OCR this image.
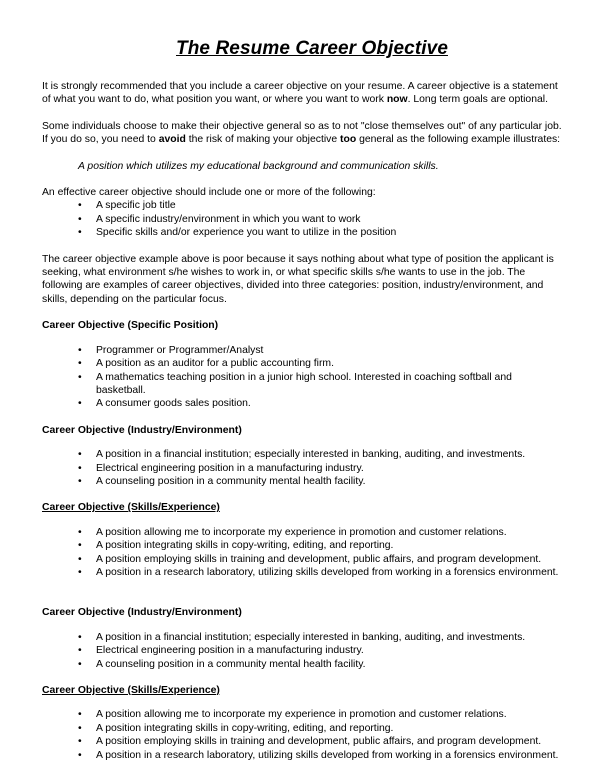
The Resume Career Objective

It is strongly recommended that you include a career objective on your resume. A career objective is a statement of what you want to do, what position you want, or where you want to work now. Long term goals are optional.

Some individuals choose to make their objective general so as to not "close themselves out" of any particular job. If you do so, you need to avoid the risk of making your objective too general as the following example illustrates:

A position which utilizes my educational background and communication skills.

An effective career objective should include one or more of the following:

• A specific job title
• A specific industry/environment in which you want to work
• Specific skills and/or experience you want to utilize in the position

The career objective example above is poor because it says nothing about what type of position the applicant is seeking, what environment s/he wishes to work in, or what specific skills s/he wants to use in the job. The following are examples of career objectives, divided into three categories: position, industry/environment, and skills, depending on the particular focus.

Career Objective (Specific Position)

• Programmer or Programmer/Analyst
• A position as an auditor for a public accounting firm.
• A mathematics teaching position in a junior high school. Interested in coaching softball and basketball.
• A consumer goods sales position.

Career Objective (Industry/Environment)

• A position in a financial institution; especially interested in banking, auditing, and investments.
• Electrical engineering position in a manufacturing industry.
• A counseling position in a community mental health facility.

Career Objective (Skills/Experience)

• A position allowing me to incorporate my experience in promotion and customer relations.
• A position integrating skills in copy-writing, editing, and reporting.
• A position employing skills in training and development, public affairs, and program development.
• A position in a research laboratory, utilizing skills developed from working in a forensics environment.

Career Objective (Industry/Environment)

• A position in a financial institution; especially interested in banking, auditing, and investments.
• Electrical engineering position in a manufacturing industry.
• A counseling position in a community mental health facility.

Career Objective (Skills/Experience)

• A position allowing me to incorporate my experience in promotion and customer relations.
• A position integrating skills in copy-writing, editing, and reporting.
• A position employing skills in training and development, public affairs, and program development.
• A position in a research laboratory, utilizing skills developed from working in a forensics environment.
